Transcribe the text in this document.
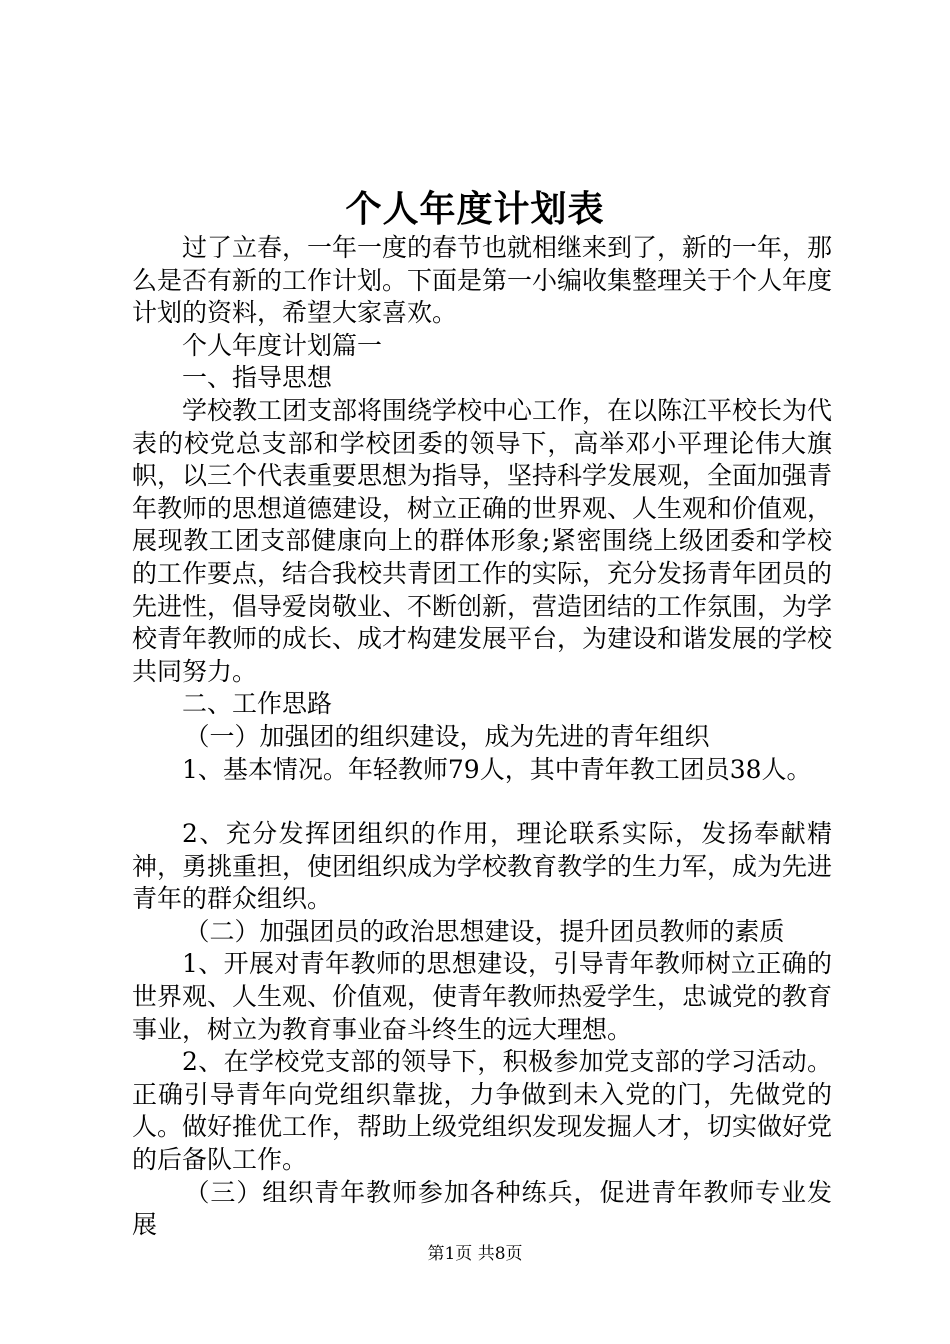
个人年度计划表

过了立春，一年一度的春节也就相继来到了，新的一年，那么是否有新的工作计划。下面是第一小编收集整理关于个人年度计划的资料，希望大家喜欢。

个人年度计划篇一

一、指导思想

学校教工团支部将围绕学校中心工作，在以陈江平校长为代表的校党总支部和学校团委的领导下，高举邓小平理论伟大旗帜，以三个代表重要思想为指导，坚持科学发展观，全面加强青年教师的思想道德建设，树立正确的世界观、人生观和价值观，展现教工团支部健康向上的群体形象;紧密围绕上级团委和学校的工作要点，结合我校共青团工作的实际，充分发扬青年团员的先进性，倡导爱岗敬业、不断创新，营造团结的工作氛围，为学校青年教师的成长、成才构建发展平台，为建设和谐发展的学校共同努力。

二、工作思路

（一）加强团的组织建设，成为先进的青年组织

1、基本情况。年轻教师79人，其中青年教工团员38人。

2、充分发挥团组织的作用，理论联系实际，发扬奉献精神，勇挑重担，使团组织成为学校教育教学的生力军，成为先进青年的群众组织。

（二）加强团员的政治思想建设，提升团员教师的素质

1、开展对青年教师的思想建设，引导青年教师树立正确的世界观、人生观、价值观，使青年教师热爱学生，忠诚党的教育事业，树立为教育事业奋斗终生的远大理想。

2、在学校党支部的领导下，积极参加党支部的学习活动。正确引导青年向党组织靠拢，力争做到未入党的门，先做党的人。做好推优工作，帮助上级党组织发现发掘人才，切实做好党的后备队工作。

（三）组织青年教师参加各种练兵，促进青年教师专业发展

第1页 共8页
